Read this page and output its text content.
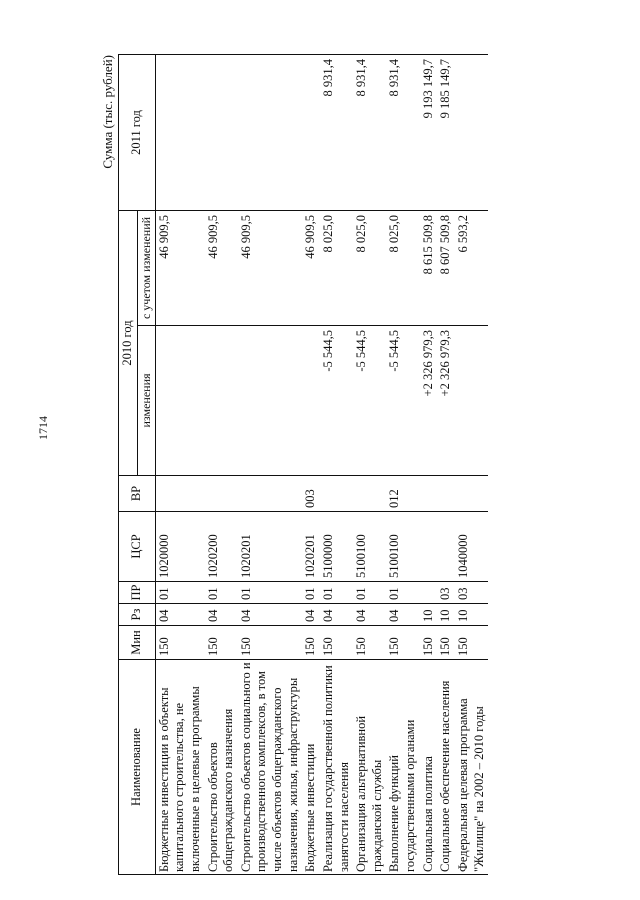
1714
Сумма (тыс. рублей)
Наименование	Мин	Рз	ПР	ЦСР	ВР	2010 год		2011 год
						изменения	с учетом изменений	
Бюджетные инвестиции в объекты капитального строительства, не включенные в целевые программы	150	04	01	1020000			46 909,5	
Строительство объектов общегражданского назначения	150	04	01	1020200			46 909,5	
Строительство объектов социального и производственного комплексов, в том числе объектов общегражданского назначения, жилья, инфраструктуры	150	04	01	1020201			46 909,5	
Бюджетные инвестиции	150	04	01	1020201	003		46 909,5	
Реализация государственной политики занятости населения	150	04	01	5100000		-5 544,5	8 025,0	8 931,4
Организация альтернативной гражданской службы	150	04	01	5100100		-5 544,5	8 025,0	8 931,4
Выполнение функций государственными органами	150	04	01	5100100	012	-5 544,5	8 025,0	8 931,4
Социальная политика	150	10				+2 326 979,3	8 615 509,8	9 193 149,7
Социальное обеспечение населения	150	10	03			+2 326 979,3	8 607 509,8	9 185 149,7
Федеральная целевая программа "Жилище" на 2002 – 2010 годы	150	10	03	1040000			6 593,2	
